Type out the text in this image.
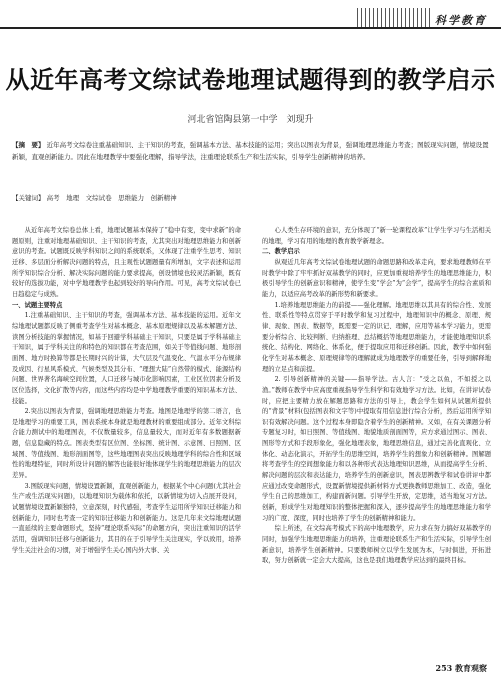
科学教育
从近年高考文综试卷地理试题得到的教学启示
河北省馆陶县第一中学　刘现升
【摘　要】 近年高考文综卷注重基础知识、主干知识的考查，强调基本方法、基本技能的运用；突出以图表为背景，强调地理思维能力考查；图版现实问题，情境设置新颖，直观创新能力。因此在地理教学中要强化理解，指导学法，注重理论联系生产和生活实际，引导学生创新精神的培养。
【关键词】 高考　地理　文综试卷　思维能力　创新精神

从近年高考文综卷总体上看，地理试题基本保持了“稳中有变，变中求新”的命题原则，注重对地理基础知识、主干知识的考查，尤其突出对地理思维能力和创新意识的考查。试题既反映学科知识之间的系统联系，又体现了注重学生思考、知识迁移、多层面分析解决问题的特点，且主观性试题题量有所增加，文字表述和运用所学知识综合分析、解决实际问题的能力要求提高，创设情境也较灵活新颖，既有较好的选拔功能，对中学地理教学也起到较好的导向作用。可见，高考文综试卷已日趋稳定与成熟。

一、试题主要特点

1.注重基础知识、主干知识的考查，强调基本方法、基本技能的运用。近年文综地理试题都反映了侧重考查学生对基本概念、基本原理规律以及基本解题方法、读图分析技能的掌握情况，如基于回避学科基础主干知识，只要是属于学科基础主干知识，属于学科关注的和特色的知识都在考查范围，如关于等值线问题、地形剖面图、地方时换算等都是长期时兴的计算，大气层及气温变化、气温水平分布规律及成因、行星风系模式、气候类型及其分布、“理想大陆”自然带的模式、能源结构问题、世界著名海峡空间位置，人口迁移与城市化影响因素，工业区位因素分析及区位选择，文化扩散等内容，而这些内容均是中学地理教学重要的知识基本方法、技能。

2.突出以图表为背景，强调地理思维能力考查。地图是地理学的第二语言，也是地理学习的重要工具，图表系统本身就是地理教材的重要组成部分。近年文科综合能力测试中的地理图表，不仅数量较多，信息量较大，而对近年有多数题据新题，信息隐藏的特点。图表类型有区位图、坐标图、统计图、示意图、日照图、区域图、等值线图、地形剖面图等，这些地理图表突出反映地理学科的综合性和区域性的地理特征，同时所设计问题的解答也能很好地体现学生的地理思维能力的层次差异。

3.图版现实问题，情境设置新颖，直观创新能力，根据某个中心问题(尤其社会生产或生活现实问题)，以地理知识为载体和依托，以新情境为切入点展开设问，试题情境设置新颖独特，立意深刻，时代感强，考查学生运用所学知识迁移能力和创新能力，同时也考查一定的知识迁移能力和创新能力。这是几年来文综地理试题一直延续的主要命题形式，坚持“理论联系实际”的命题方向，突出注重知识的活学活用，强调知识迁移与创新能力，其目的在于引导学生关注现实，学以致用，培养学生关注社会的习惯，对于增强学生关心国内外大事、关

心人类生存环境的意识，充分体现了“新一轮课程改革”让学生学习与生活相关的地理，学习有用的地理的教育教学新理念。

二、教学启示

纵观近几年高考文综试卷地理试题的命题思路和改革走向，要求地理教师在平时教学中除了牢牢抓好双基教学的同时，应更加重视培养学生的地理思维能力，积极引导学生的创新意识和精神，使学生变“学会”为“会学”，提高学生的综合素质和能力，以适应高考改革的新形势和新要求。

1.培养地理思维能力的前提——强化理解。地理思维以其具有的综合性、发展性、联系性等特点贯穿于平时教学和复习过程中，地理知识中的概念、原理、规律、现象、图表、数据等，既需要一定的识记、理解，应用等基本学习能力，更需要分析综合、比较判断、归纳推理、总结概括等地理思维能力，才能使地理知识系统化、结构化、网络化、体系化，便于提取应用和迁移创新。因此，教学中如何强化学生对基本概念、原理规律等的理解就成为地理教学的重要任务，引导到解释地理的立足点和前提。

2. 引导创新精神的关键——指导学法。古人言：“受之以鱼，不如授之以渔。”教师在教学中应高度重视指导学生科学和有效地学习方法。比如，在讲评试卷时，应把主要精力放在解题思路和方法的引导上，教会学生如何从试题所提供的“背景”材料(包括图表和文字等)中提取有用信息进行综合分析，然后运用所学知识有效解决问题。这个过程本身即隐含着学生的创新精神。又如，在有关课题分析专题复习时，如日照图、等值线图、地貌地质剖面图等，应方求通过图示、图表、图形等方式和手段形象化，强化地理表象，地理思维信息，通过完善化直观化、立体化、动态化演示，开拓学生的思维空间，培养学生的想象力和创新精神。图解题将考查学生的空间想象能力和以各种形式表达地理知识思维，从而提高学生分析、解决问题的层次和表达能力，培养学生的创新意识，图表思辨教学和试卷讲评中都应通过改变命题形式，设置新情境提供新材料方式更换教师思维加工、改造，强化学生自己的思维加工，构建面新问题。引导学生开放，定思维，适当地复习方法。创新，形成学生对地理知识的整体把握和深入，逐步提高学生的地理思维能力和学习的广度、深度，同时也培养了学生的创新精神和能力。

综上所述，在文综高考模式下的高中地理教学，应力求在努力搞好双基教学的同时，加强学生地理思维能力的培养，注重理论联系生产和生活实际，引导学生创新意识，培养学生创新精神。只要教师树立以学生发展为本，与时俱进，开拓进取，努力创新就一定会大大提高，这也是我们地理教学应达到的最终目标。

253 教育观察
